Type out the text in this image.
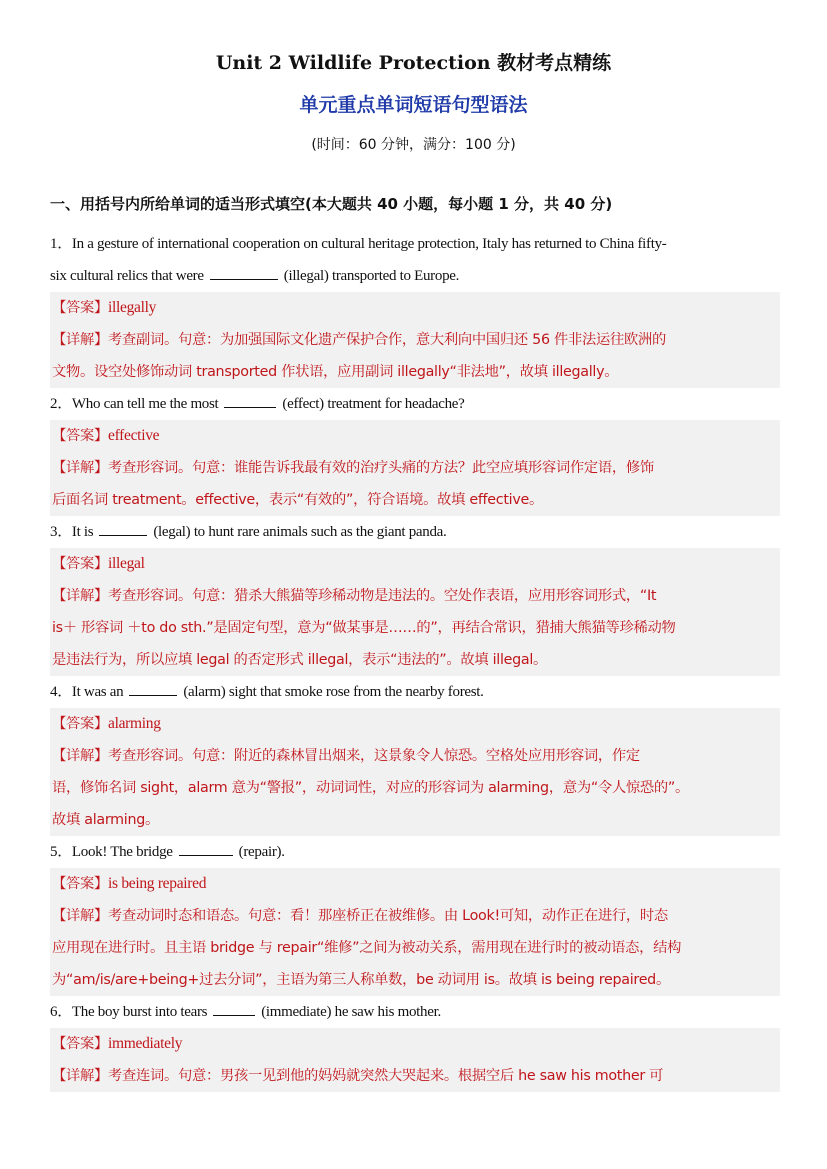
Unit 2 Wildlife Protection 教材考点精练
单元重点单词短语句型语法
(时间：60 分钟，满分：100 分)
一、用括号内所给单词的适当形式填空(本大题共 40 小题，每小题 1 分，共 40 分)
1．In a gesture of international cooperation on cultural heritage protection, Italy has returned to China fifty-
six cultural relics that were	(illegal) transported to Europe.
【答案】illegally
【详解】考查副词。句意：为加强国际文化遗产保护合作，意大利向中国归还 56 件非法运往欧洲的
文物。设空处修饰动词 transported 作状语，应用副词 illegally“非法地”，故填 illegally。
2．Who can tell me the most	(effect) treatment for headache?
【答案】effective
【详解】考查形容词。句意：谁能告诉我最有效的治疗头痛的方法？此空应填形容词作定语，修饰
后面名词 treatment。effective，表示“有效的”，符合语境。故填 effective。
3．It is	(legal) to hunt rare animals such as the giant panda.
【答案】illegal
【详解】考查形容词。句意：猎杀大熊猫等珍稀动物是违法的。空处作表语，应用形容词形式，“It
is＋ 形容词 ＋to do sth.”是固定句型，意为“做某事是……的”，再结合常识，猎捕大熊猫等珍稀动物
是违法行为，所以应填 legal 的否定形式 illegal，表示“违法的”。故填 illegal。
4．It was an	(alarm) sight that smoke rose from the nearby forest.
【答案】alarming
【详解】考查形容词。句意：附近的森林冒出烟来，这景象令人惊恐。空格处应用形容词，作定
语，修饰名词 sight，alarm 意为“警报”，动词词性，对应的形容词为 alarming，意为“令人惊恐的”。
故填 alarming。
5．Look! The bridge	(repair).
【答案】is being repaired
【详解】考查动词时态和语态。句意：看！那座桥正在被维修。由 Look!可知，动作正在进行，时态
应用现在进行时。且主语 bridge 与 repair“维修”之间为被动关系，需用现在进行时的被动语态，结构
为“am/is/are+being+过去分词”，主语为第三人称单数，be 动词用 is。故填 is being repaired。
6．The boy burst into tears	(immediate) he saw his mother.
【答案】immediately
【详解】考查连词。句意：男孩一见到他的妈妈就突然大哭起来。根据空后 he saw his mother 可
